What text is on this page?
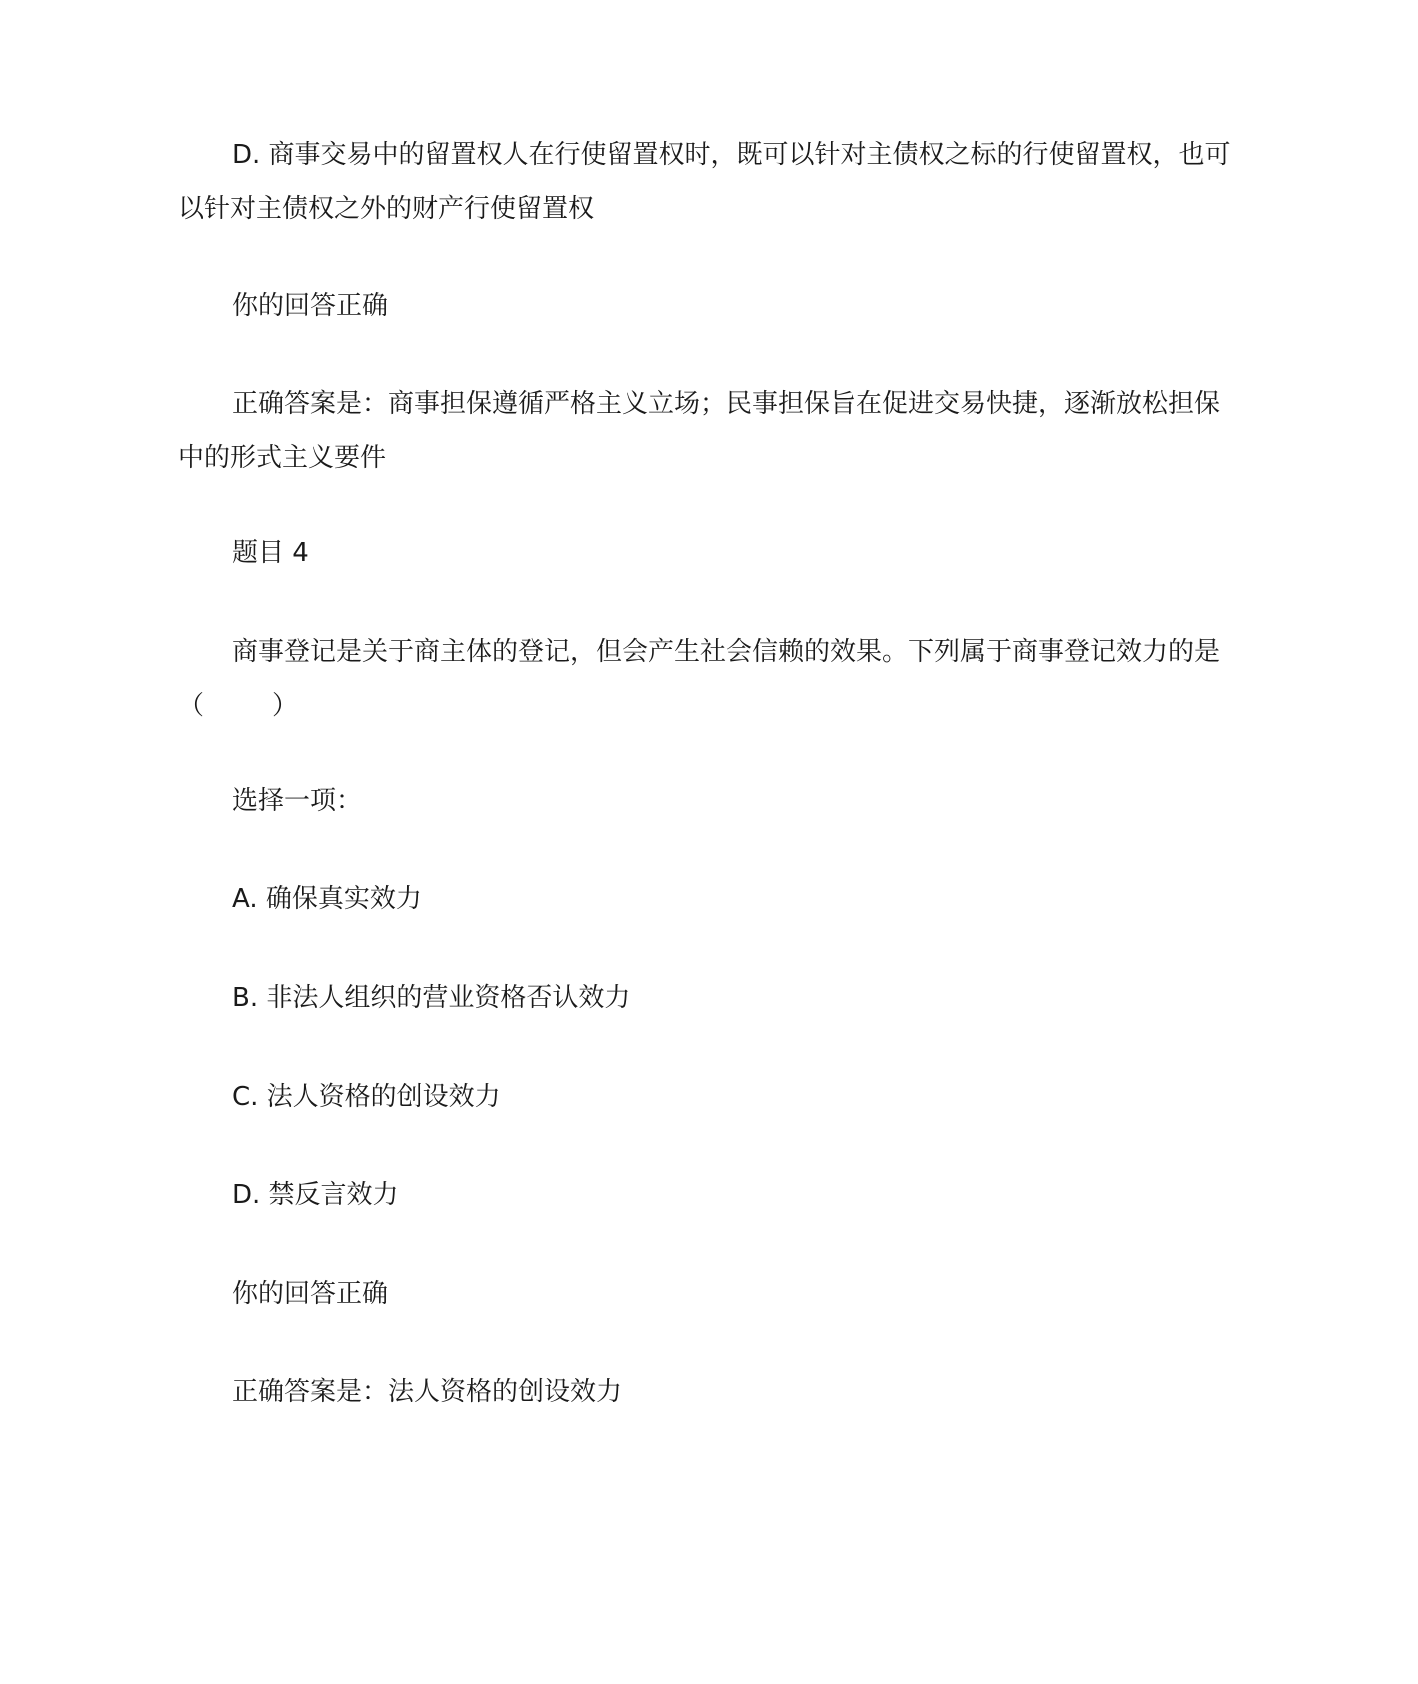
D. 商事交易中的留置权人在行使留置权时，既可以针对主债权之标的行使留置权，也可以针对主债权之外的财产行使留置权

你的回答正确

正确答案是：商事担保遵循严格主义立场；民事担保旨在促进交易快捷，逐渐放松担保中的形式主义要件

题目 4

商事登记是关于商主体的登记，但会产生社会信赖的效果。下列属于商事登记效力的是（	）

选择一项：

A. 确保真实效力

B. 非法人组织的营业资格否认效力

C. 法人资格的创设效力

D. 禁反言效力

你的回答正确

正确答案是：法人资格的创设效力
